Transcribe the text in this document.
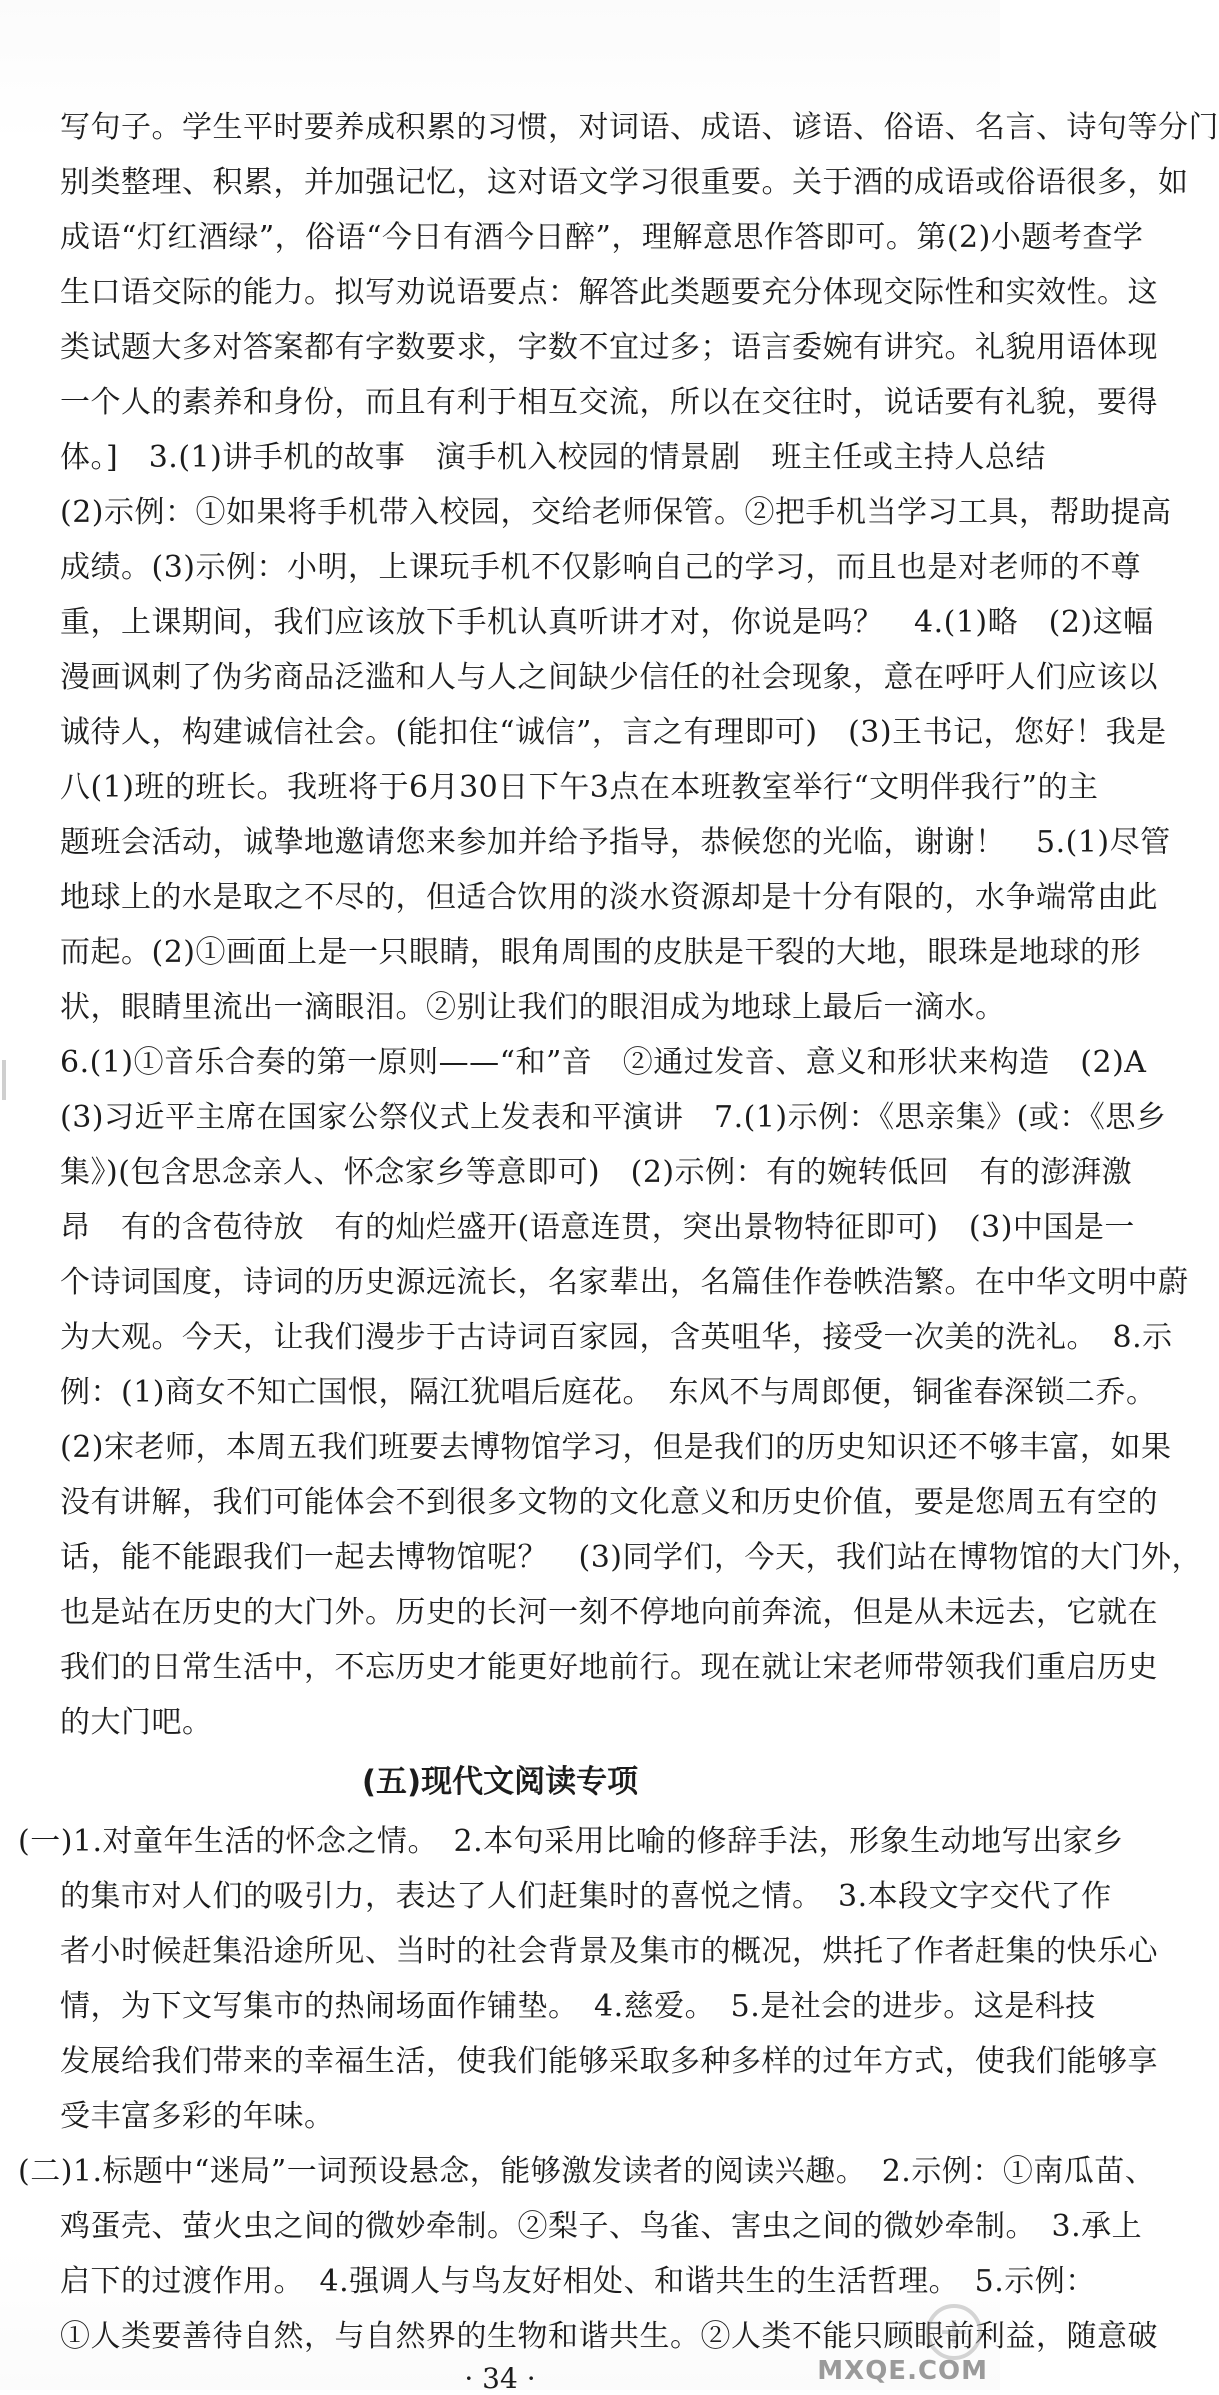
写句子。学生平时要养成积累的习惯，对词语、成语、谚语、俗语、名言、诗句等分门
别类整理、积累，并加强记忆，这对语文学习很重要。关于酒的成语或俗语很多，如
成语“灯红酒绿”，俗语“今日有酒今日醉”，理解意思作答即可。第(2)小题考查学
生口语交际的能力。拟写劝说语要点：解答此类题要充分体现交际性和实效性。这
类试题大多对答案都有字数要求，字数不宜过多；语言委婉有讲究。礼貌用语体现
一个人的素养和身份，而且有利于相互交流，所以在交往时，说话要有礼貌，要得
体。]　3.(1)讲手机的故事　演手机入校园的情景剧　班主任或主持人总结
(2)示例：①如果将手机带入校园，交给老师保管。②把手机当学习工具，帮助提高
成绩。(3)示例：小明，上课玩手机不仅影响自己的学习，而且也是对老师的不尊
重，上课期间，我们应该放下手机认真听讲才对，你说是吗？　4.(1)略　(2)这幅
漫画讽刺了伪劣商品泛滥和人与人之间缺少信任的社会现象，意在呼吁人们应该以
诚待人，构建诚信社会。(能扣住“诚信”，言之有理即可)　(3)王书记，您好！我是
八(1)班的班长。我班将于6月30日下午3点在本班教室举行“文明伴我行”的主
题班会活动，诚挚地邀请您来参加并给予指导，恭候您的光临，谢谢！　5.(1)尽管
地球上的水是取之不尽的，但适合饮用的淡水资源却是十分有限的，水争端常由此
而起。(2)①画面上是一只眼睛，眼角周围的皮肤是干裂的大地，眼珠是地球的形
状，眼睛里流出一滴眼泪。②别让我们的眼泪成为地球上最后一滴水。
6.(1)①音乐合奏的第一原则——“和”音　②通过发音、意义和形状来构造　(2)A
(3)习近平主席在国家公祭仪式上发表和平演讲　7.(1)示例：《思亲集》(或：《思乡
集》)(包含思念亲人、怀念家乡等意即可)　(2)示例：有的婉转低回　有的澎湃激
昂　有的含苞待放　有的灿烂盛开(语意连贯，突出景物特征即可)　(3)中国是一
个诗词国度，诗词的历史源远流长，名家辈出，名篇佳作卷帙浩繁。在中华文明中蔚
为大观。今天，让我们漫步于古诗词百家园，含英咀华，接受一次美的洗礼。　8.示
例：(1)商女不知亡国恨，隔江犹唱后庭花。　东风不与周郎便，铜雀春深锁二乔。
(2)宋老师，本周五我们班要去博物馆学习，但是我们的历史知识还不够丰富，如果
没有讲解，我们可能体会不到很多文物的文化意义和历史价值，要是您周五有空的
话，能不能跟我们一起去博物馆呢？　(3)同学们，今天，我们站在博物馆的大门外，
也是站在历史的大门外。历史的长河一刻不停地向前奔流，但是从未远去，它就在
我们的日常生活中，不忘历史才能更好地前行。现在就让宋老师带领我们重启历史
的大门吧。
(五)现代文阅读专项
(一)1.对童年生活的怀念之情。　2.本句采用比喻的修辞手法，形象生动地写出家乡
的集市对人们的吸引力，表达了人们赶集时的喜悦之情。　3.本段文字交代了作
者小时候赶集沿途所见、当时的社会背景及集市的概况，烘托了作者赶集的快乐心
情，为下文写集市的热闹场面作铺垫。　4.慈爱。　5.是社会的进步。这是科技
发展给我们带来的幸福生活，使我们能够采取多种多样的过年方式，使我们能够享
受丰富多彩的年味。
(二)1.标题中“迷局”一词预设悬念，能够激发读者的阅读兴趣。　2.示例：①南瓜苗、
鸡蛋壳、萤火虫之间的微妙牵制。②梨子、鸟雀、害虫之间的微妙牵制。　3.承上
启下的过渡作用。　4.强调人与鸟友好相处、和谐共生的生活哲理。　5.示例：
①人类要善待自然，与自然界的生物和谐共生。②人类不能只顾眼前利益，随意破
· 34 ·	MXQE.COM
